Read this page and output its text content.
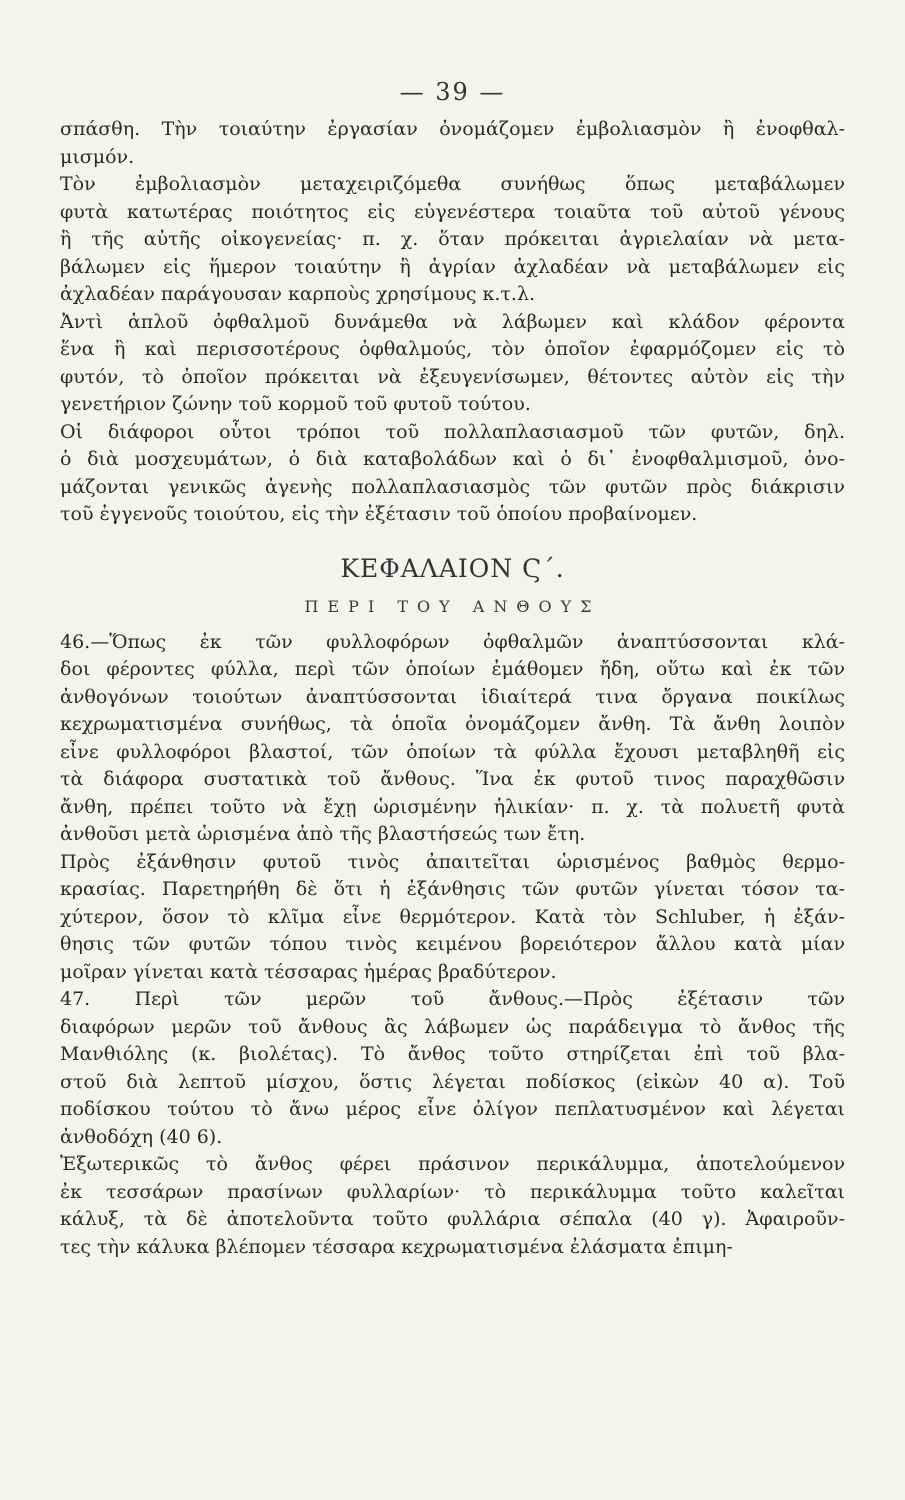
— 39 —
σπάσθη. Τὴν τοιαύτην ἐργασίαν ὀνομάζομεν ἐμβολιασμὸν ἢ ἐνοφθαλ-
μισμόν.
Τὸν ἐμβολιασμὸν μεταχειριζόμεθα συνήθως ὅπως μεταβάλωμεν
φυτὰ κατωτέρας ποιότητος εἰς εὐγενέστερα τοιαῦτα τοῦ αὐτοῦ γένους
ἢ τῆς αὐτῆς οἰκογενείας· π. χ. ὅταν πρόκειται ἀγριελαίαν νὰ μετα-
βάλωμεν εἰς ἥμερον τοιαύτην ἢ ἀγρίαν ἀχλαδέαν νὰ μεταβάλωμεν εἰς
ἀχλαδέαν παράγουσαν καρποὺς χρησίμους κ.τ.λ.
Ἀντὶ ἁπλοῦ ὀφθαλμοῦ δυνάμεθα νὰ λάβωμεν καὶ κλάδον φέροντα
ἕνα ἢ καὶ περισσοτέρους ὀφθαλμούς, τὸν ὁποῖον ἐφαρμόζομεν εἰς τὸ
φυτόν, τὸ ὁποῖον πρόκειται νὰ ἐξευγενίσωμεν, θέτοντες αὐτὸν εἰς τὴν
γενετήριον ζώνην τοῦ κορμοῦ τοῦ φυτοῦ τούτου.
Οἱ διάφοροι οὗτοι τρόποι τοῦ πολλαπλασιασμοῦ τῶν φυτῶν, δηλ.
ὁ διὰ μοσχευμάτων, ὁ διὰ καταβολάδων καὶ ὁ δι᾽ ἐνοφθαλμισμοῦ, ὀνο-
μάζονται γενικῶς ἀγενὴς πολλαπλασιασμὸς τῶν φυτῶν πρὸς διάκρισιν
τοῦ ἐγγενοῦς τοιούτου, εἰς τὴν ἐξέτασιν τοῦ ὁποίου προβαίνομεν.
ΚΕΦΑΛΑΙΟΝ Ϛ΄.
ΠΕΡΙ ΤΟΥ ΑΝΘΟΥΣ
46.—Ὅπως ἐκ τῶν φυλλοφόρων ὀφθαλμῶν ἀναπτύσσονται κλά-
δοι φέροντες φύλλα, περὶ τῶν ὁποίων ἐμάθομεν ἤδη, οὕτω καὶ ἐκ τῶν
ἀνθογόνων τοιούτων ἀναπτύσσονται ἰδιαίτερά τινα ὄργανα ποικίλως
κεχρωματισμένα συνήθως, τὰ ὁποῖα ὀνομάζομεν ἄνθη. Τὰ ἄνθη λοιπὸν
εἶνε φυλλοφόροι βλαστοί, τῶν ὁποίων τὰ φύλλα ἔχουσι μεταβληθῆ εἰς
τὰ διάφορα συστατικὰ τοῦ ἄνθους. Ἵνα ἐκ φυτοῦ τινος παραχθῶσιν
ἄνθη, πρέπει τοῦτο νὰ ἔχῃ ὡρισμένην ἡλικίαν· π. χ. τὰ πολυετῆ φυτὰ
ἀνθοῦσι μετὰ ὡρισμένα ἀπὸ τῆς βλαστήσεώς των ἔτη.
Πρὸς ἐξάνθησιν φυτοῦ τινὸς ἀπαιτεῖται ὡρισμένος βαθμὸς θερμο-
κρασίας. Παρετηρήθη δὲ ὅτι ἡ ἐξάνθησις τῶν φυτῶν γίνεται τόσον τα-
χύτερον, ὅσον τὸ κλῖμα εἶνε θερμότερον. Κατὰ τὸν Schluber, ἡ ἐξάν-
θησις τῶν φυτῶν τόπου τινὸς κειμένου βορειότερον ἄλλου κατὰ μίαν
μοῖραν γίνεται κατὰ τέσσαρας ἡμέρας βραδύτερον.
47. Περὶ τῶν μερῶν τοῦ ἄνθους.—Πρὸς ἐξέτασιν τῶν
διαφόρων μερῶν τοῦ ἄνθους ἂς λάβωμεν ὡς παράδειγμα τὸ ἄνθος τῆς
Μανθιόλης (κ. βιολέτας). Τὸ ἄνθος τοῦτο στηρίζεται ἐπὶ τοῦ βλα-
στοῦ διὰ λεπτοῦ μίσχου, ὅστις λέγεται ποδίσκος (εἰκὼν 40 α). Τοῦ
ποδίσκου τούτου τὸ ἄνω μέρος εἶνε ὀλίγον πεπλατυσμένον καὶ λέγεται
ἀνθοδόχη (40 6).
Ἐξωτερικῶς τὸ ἄνθος φέρει πράσινον περικάλυμμα, ἀποτελούμενον
ἐκ τεσσάρων πρασίνων φυλλαρίων· τὸ περικάλυμμα τοῦτο καλεῖται
κάλυξ, τὰ δὲ ἀποτελοῦντα τοῦτο φυλλάρια σέπαλα (40 γ). Ἀφαιροῦν-
τες τὴν κάλυκα βλέπομεν τέσσαρα κεχρωματισμένα ἐλάσματα ἐπιμη-
